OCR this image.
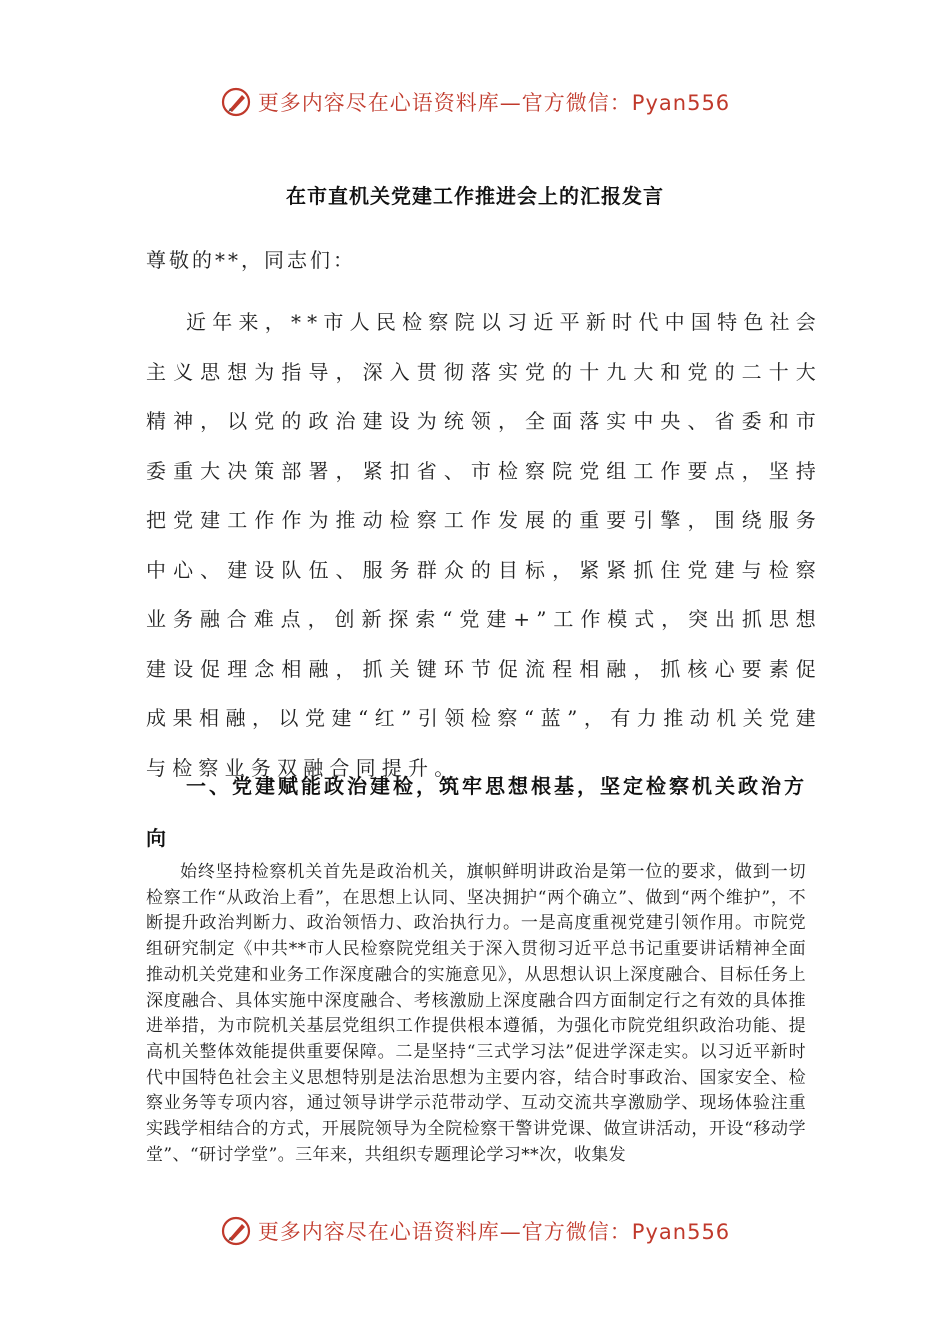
更多内容尽在心语资料库—官方微信：Pyan556
在市直机关党建工作推进会上的汇报发言
尊敬的**，同志们：

近年来，**市人民检察院以习近平新时代中国特色社会主义思想为指导，深入贯彻落实党的十九大和党的二十大精神，以党的政治建设为统领，全面落实中央、省委和市委重大决策部署，紧扣省、市检察院党组工作要点，坚持把党建工作作为推动检察工作发展的重要引擎，围绕服务中心、建设队伍、服务群众的目标，紧紧抓住党建与检察业务融合难点，创新探索“党建+”工作模式，突出抓思想建设促理念相融，抓关键环节促流程相融，抓核心要素促成果相融，以党建“红”引领检察“蓝”，有力推动机关党建与检察业务双融合同提升。

一、党建赋能政治建检，筑牢思想根基，坚定检察机关政治方向

始终坚持检察机关首先是政治机关，旗帜鲜明讲政治是第一位的要求，做到一切检察工作“从政治上看”，在思想上认同、坚决拥护“两个确立”、做到“两个维护”，不断提升政治判断力、政治领悟力、政治执行力。一是高度重视党建引领作用。市院党组研究制定《中共**市人民检察院党组关于深入贯彻习近平总书记重要讲话精神全面推动机关党建和业务工作深度融合的实施意见》，从思想认识上深度融合、目标任务上深度融合、具体实施中深度融合、考核激励上深度融合四方面制定行之有效的具体推进举措，为市院机关基层党组织工作提供根本遵循，为强化市院党组织政治功能、提高机关整体效能提供重要保障。二是坚持“三式学习法”促进学深走实。以习近平新时代中国特色社会主义思想特别是法治思想为主要内容，结合时事政治、国家安全、检察业务等专项内容，通过领导讲学示范带动学、互动交流共享激励学、现场体验注重实践学相结合的方式，开展院领导为全院检察干警讲党课、做宣讲活动，开设“移动学堂”、“研讨学堂”。三年来，共组织专题理论学习**次，收集发

更多内容尽在心语资料库—官方微信：Pyan556
